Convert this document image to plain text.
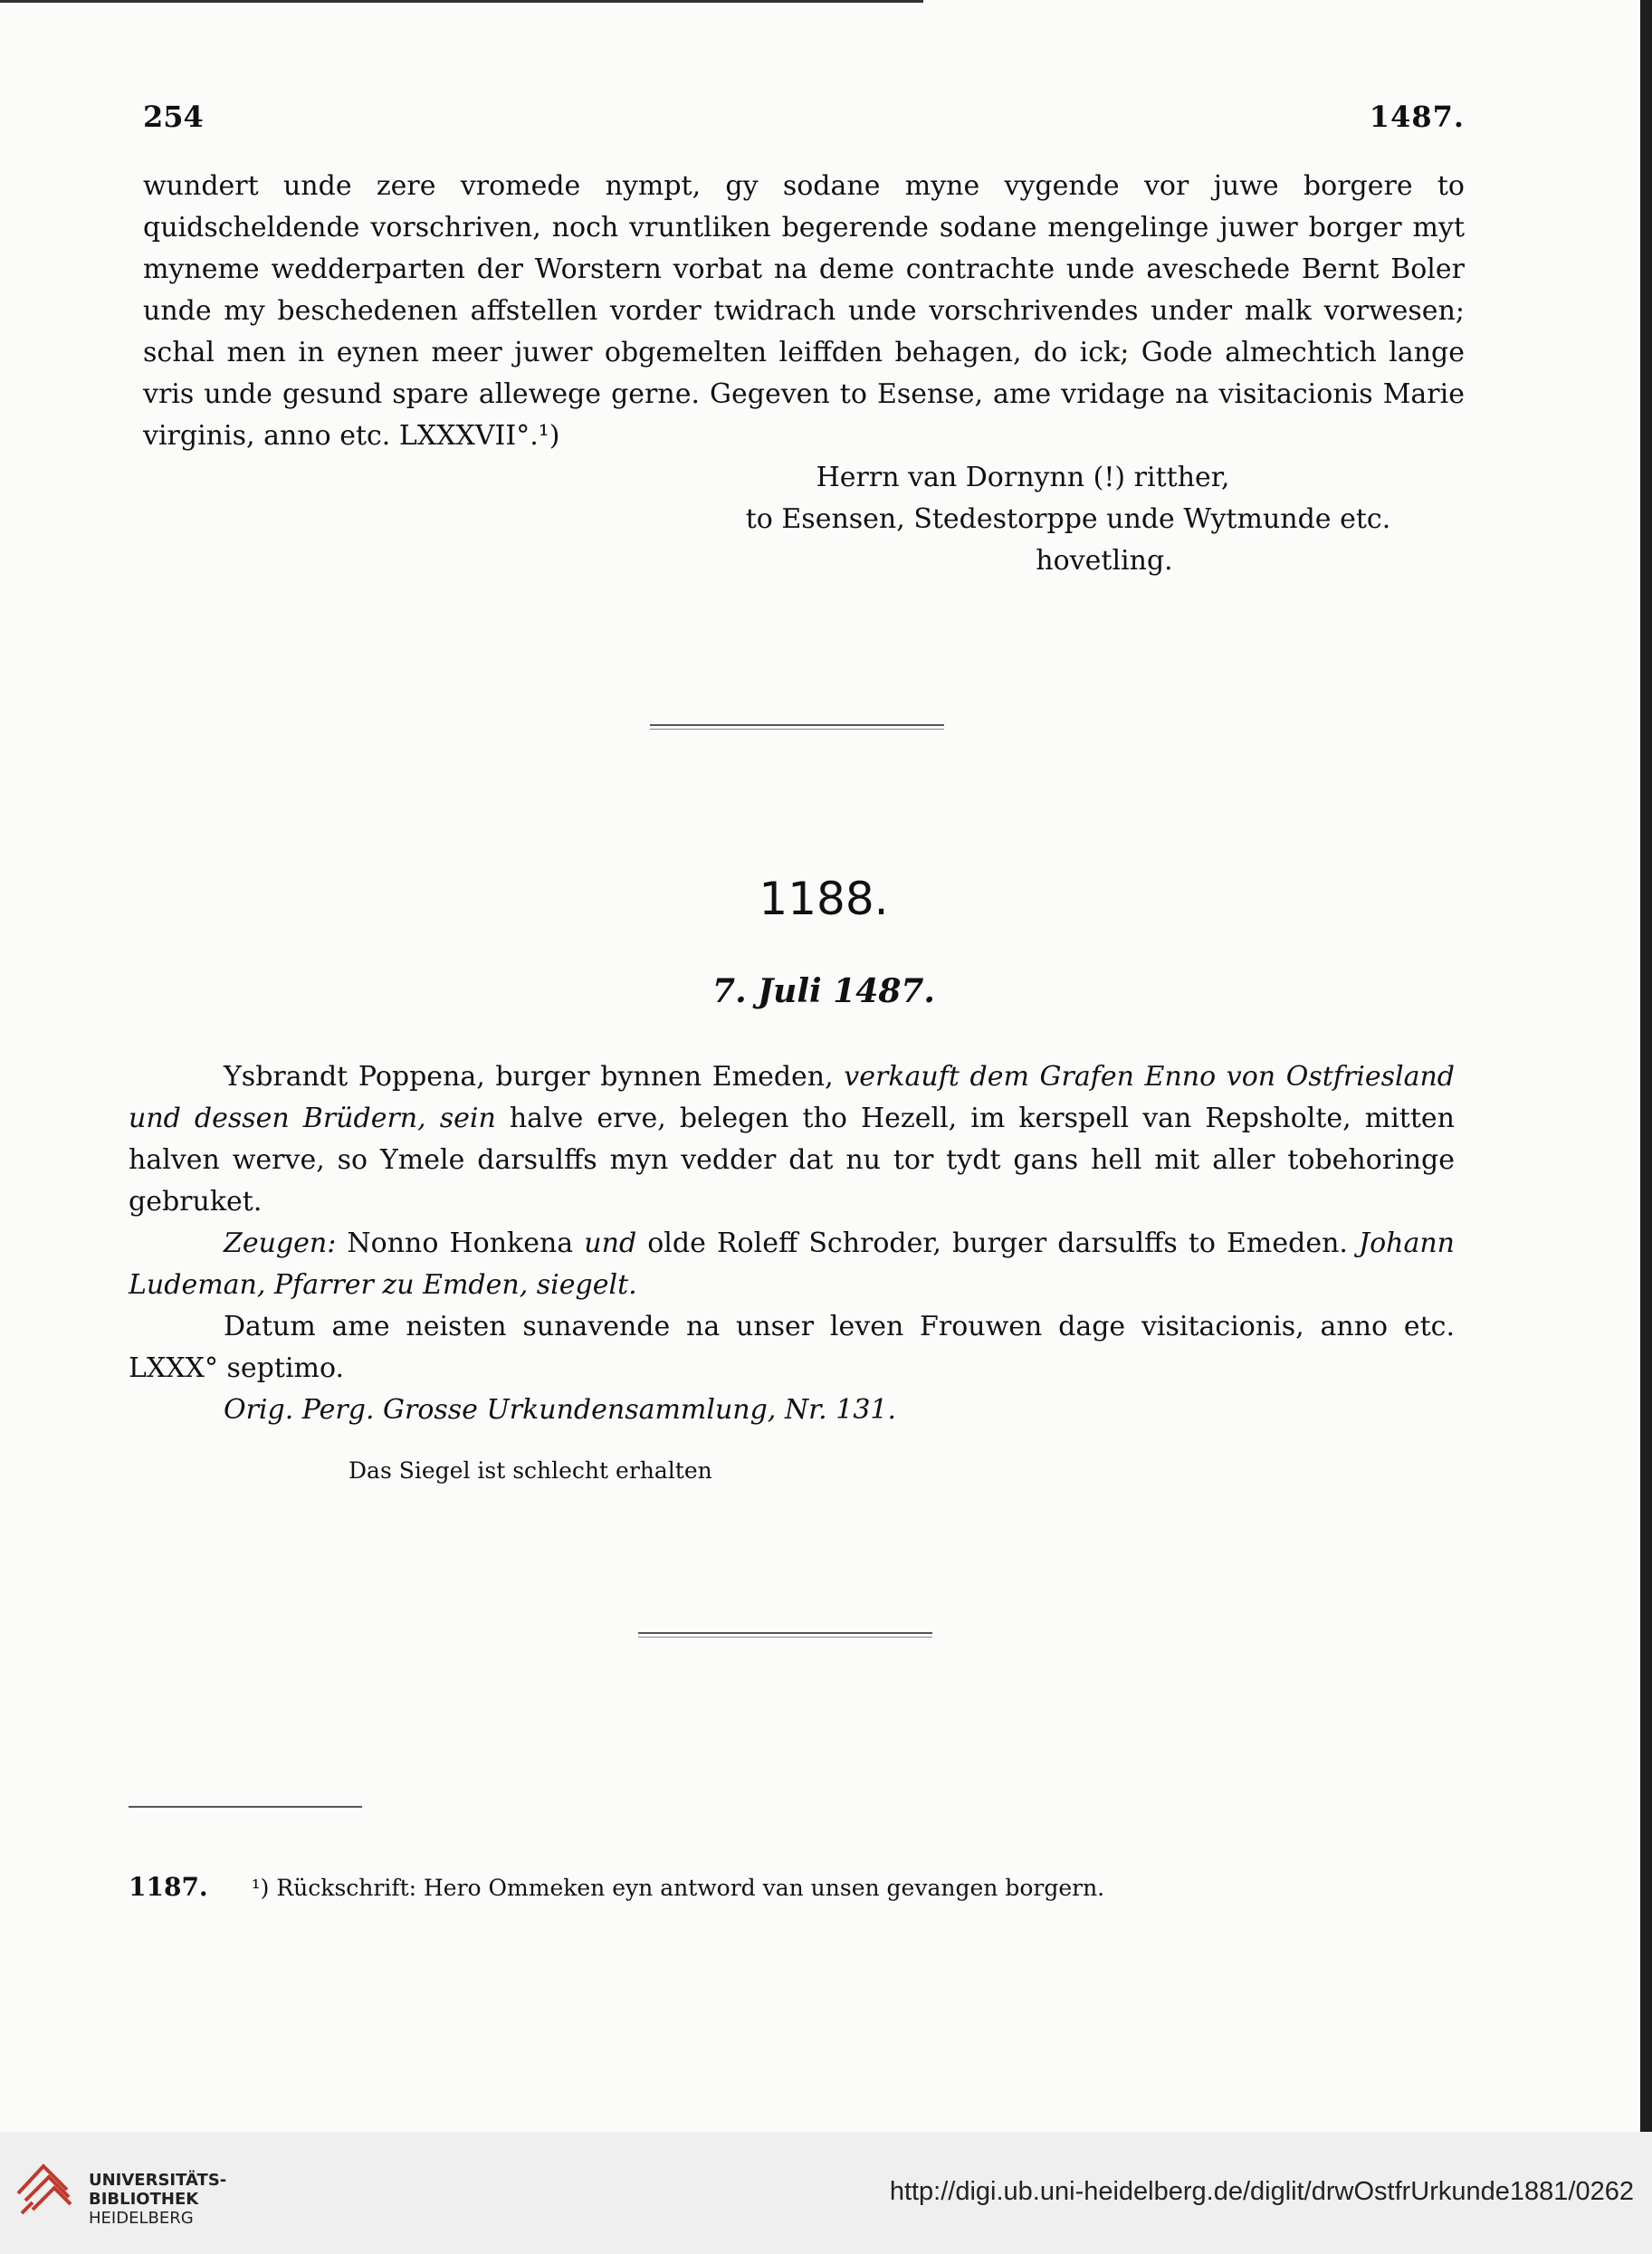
254	1487.
wundert unde zere vromede nympt, gy sodane myne vygende vor juwe borgere to quidscheldende vorschriven, noch vruntliken begerende sodane mengelinge juwer borger myt myneme wedderparten der Worstern vorbat na deme contrachte unde aveschede Bernt Boler unde my beschedenen affstellen vorder twidrach unde vorschrivendes under malk vorwesen; schal men in eynen meer juwer obgemelten leiffden behagen, do ick; Gode almechtich lange vris unde gesund spare allewege gerne. Gegeven to Esense, ame vridage na visitacionis Marie virginis, anno etc. LXXXVII°.¹)
Herrn van Dornynn (!) ritther,
to Esensen, Stedestorppe unde Wytmunde etc.
hovetling.
1188.
7. Juli 1487.
Ysbrandt Poppena, burger bynnen Emeden, verkauft dem Grafen Enno von Ostfriesland und dessen Brüdern, sein halve erve, belegen tho Hezell, im kerspell van Repsholte, mitten halven werve, so Ymele darsulffs myn vedder dat nu tor tydt gans hell mit aller tobehoringe gebruket.
Zeugen: Nonno Honkena und olde Roleff Schroder, burger darsulffs to Emeden. Johann Ludeman, Pfarrer zu Emden, siegelt.
Datum ame neisten sunavende na unser leven Frouwen dage visitacionis, anno etc. LXXX° septimo.
Orig. Perg. Grosse Urkundensammlung, Nr. 131.
Das Siegel ist schlecht erhalten
1187. ¹) Rückschrift: Hero Ommeken eyn antword van unsen gevangen borgern.
UNIVERSITÄTS-
BIBLIOTHEK
HEIDELBERG
http://digi.ub.uni-heidelberg.de/diglit/drwOstfrUrkunde1881/0262
